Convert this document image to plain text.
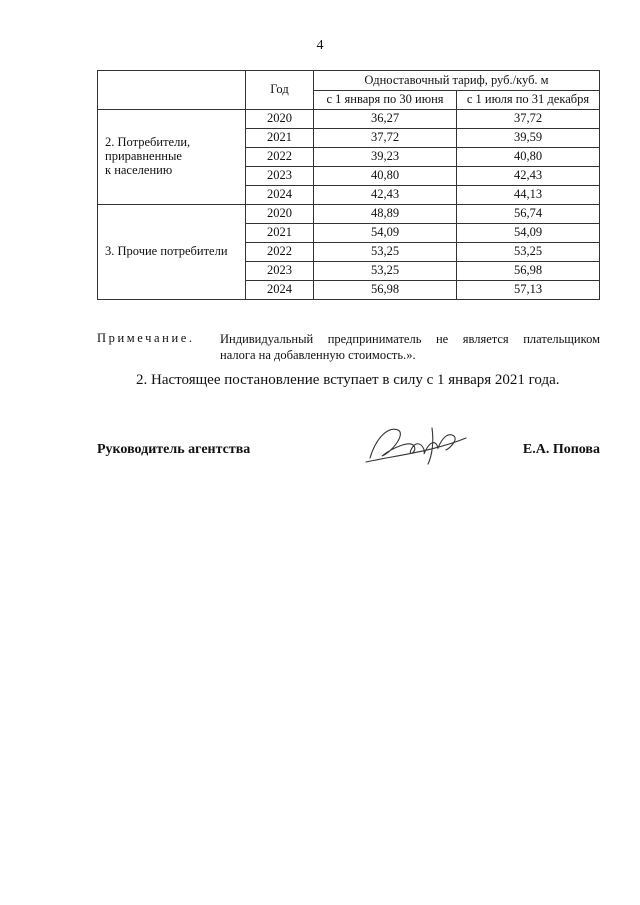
4
	Год	Одноставочный тариф, руб./куб. м	
		с 1 января по 30 июня	с 1 июля по 31 декабря
2. Потребители,
приравненные
к населению	2020	36,27	37,72
	2021	37,72	39,59
	2022	39,23	40,80
	2023	40,80	42,43
	2024	42,43	44,13
3. Прочие потребители	2020	48,89	56,74
	2021	54,09	54,09
	2022	53,25	53,25
	2023	53,25	56,98
	2024	56,98	57,13
Примечание. Индивидуальный предприниматель не является плательщиком
налога на добавленную стоимость.».
2. Настоящее постановление вступает в силу с 1 января 2021 года.
Руководитель агентства	Е.А. Попова
